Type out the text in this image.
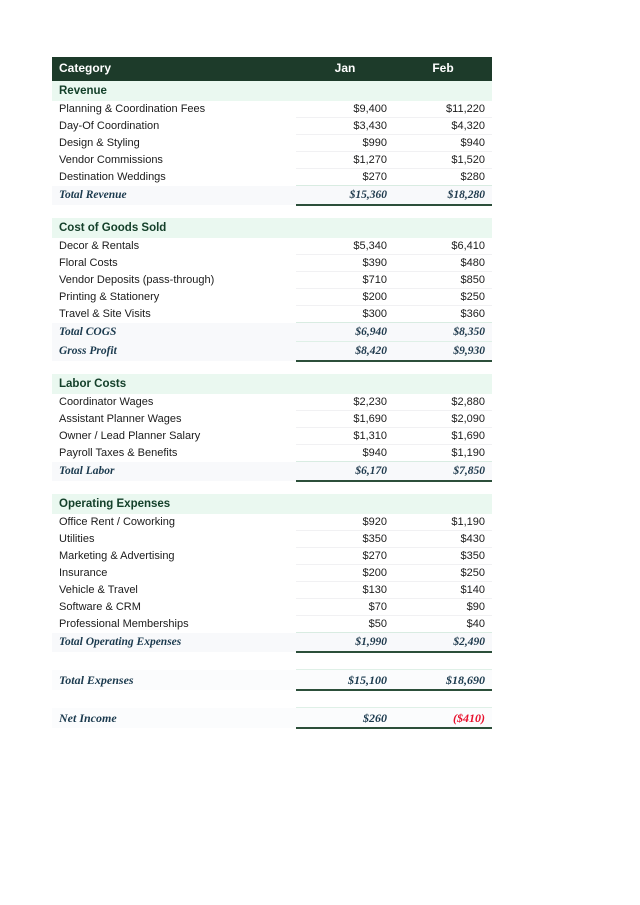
Category	Jan	Feb
Revenue		
Planning & Coordination Fees	$9,400	$11,220
Day-Of Coordination	$3,430	$4,320
Design & Styling	$990	$940
Vendor Commissions	$1,270	$1,520
Destination Weddings	$270	$280
Total Revenue	$15,360	$18,280

Cost of Goods Sold		
Decor & Rentals	$5,340	$6,410
Floral Costs	$390	$480
Vendor Deposits (pass-through)	$710	$850
Printing & Stationery	$200	$250
Travel & Site Visits	$300	$360
Total COGS	$6,940	$8,350
Gross Profit	$8,420	$9,930

Labor Costs		
Coordinator Wages	$2,230	$2,880
Assistant Planner Wages	$1,690	$2,090
Owner / Lead Planner Salary	$1,310	$1,690
Payroll Taxes & Benefits	$940	$1,190
Total Labor	$6,170	$7,850

Operating Expenses		
Office Rent / Coworking	$920	$1,190
Utilities	$350	$430
Marketing & Advertising	$270	$350
Insurance	$200	$250
Vehicle & Travel	$130	$140
Software & CRM	$70	$90
Professional Memberships	$50	$40
Total Operating Expenses	$1,990	$2,490

Total Expenses	$15,100	$18,690

Net Income	$260	($410)
